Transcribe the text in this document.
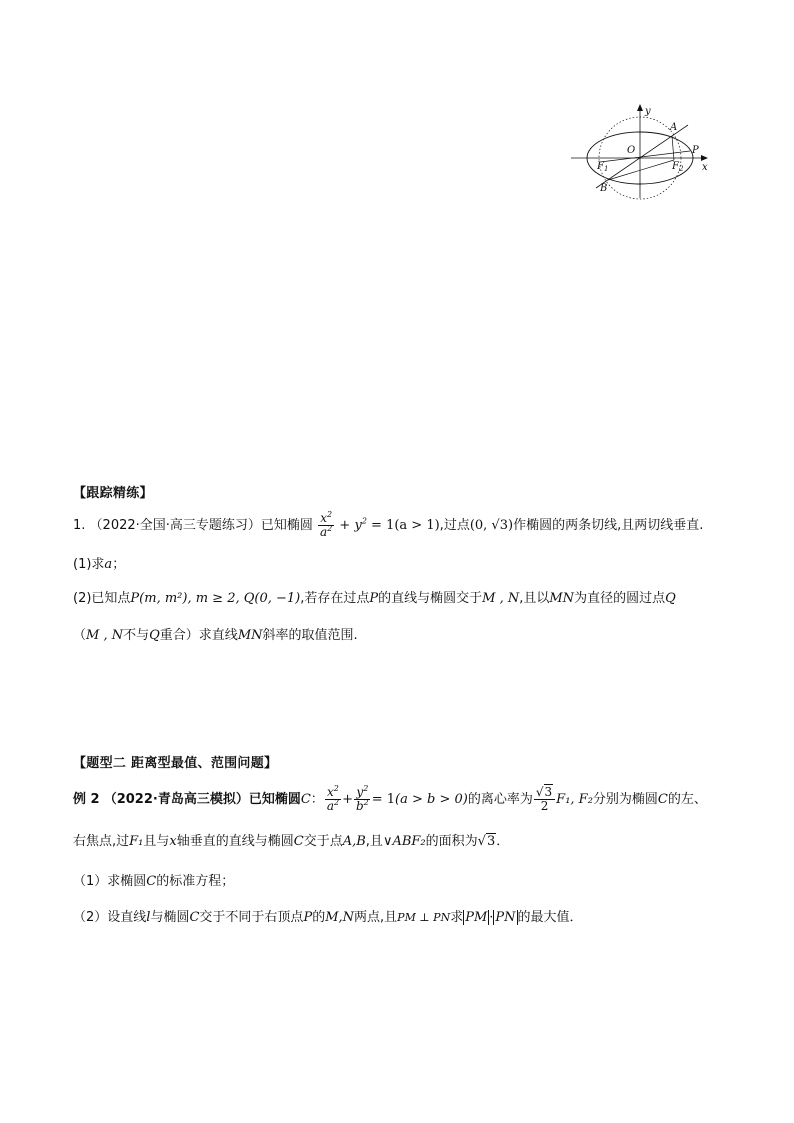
y
x
O
A
P
B
$F_1$	$F_2$
【跟踪精练】
1. （2022·全国·高三专题练习）已知椭圆 $\frac{x^2}{a^2} + y^2 = 1(a > 1)$,过点(0, √3)作椭圆的两条切线,且两切线垂直.
(1)求a；
(2)已知点P(m, m²), m ≥ 2, Q(0, −1),若存在过点P的直线与椭圆交于M , N,且以MN为直径的圆过点Q
（M , N不与Q重合）求直线MN斜率的取值范围.
【题型二 距离型最值、范围问题】
例 2 （2022·青岛高三模拟）已知椭圆C： $\frac{x^2}{a^2} + \frac{y^2}{b^2} = 1(a > b > 0)$的离心率为 $\frac{√3}{2} F_1$, F₂分别为椭圆C的左、
右焦点,过F₁且与x轴垂直的直线与椭圆C交于点A,B,且∨ABF₂的面积为√3．
（1）求椭圆C的标准方程；
（2）设直线l与椭圆C交于不同于右顶点P的M,N两点,且PM ⊥ PN求 PM · PN 的最大值．
